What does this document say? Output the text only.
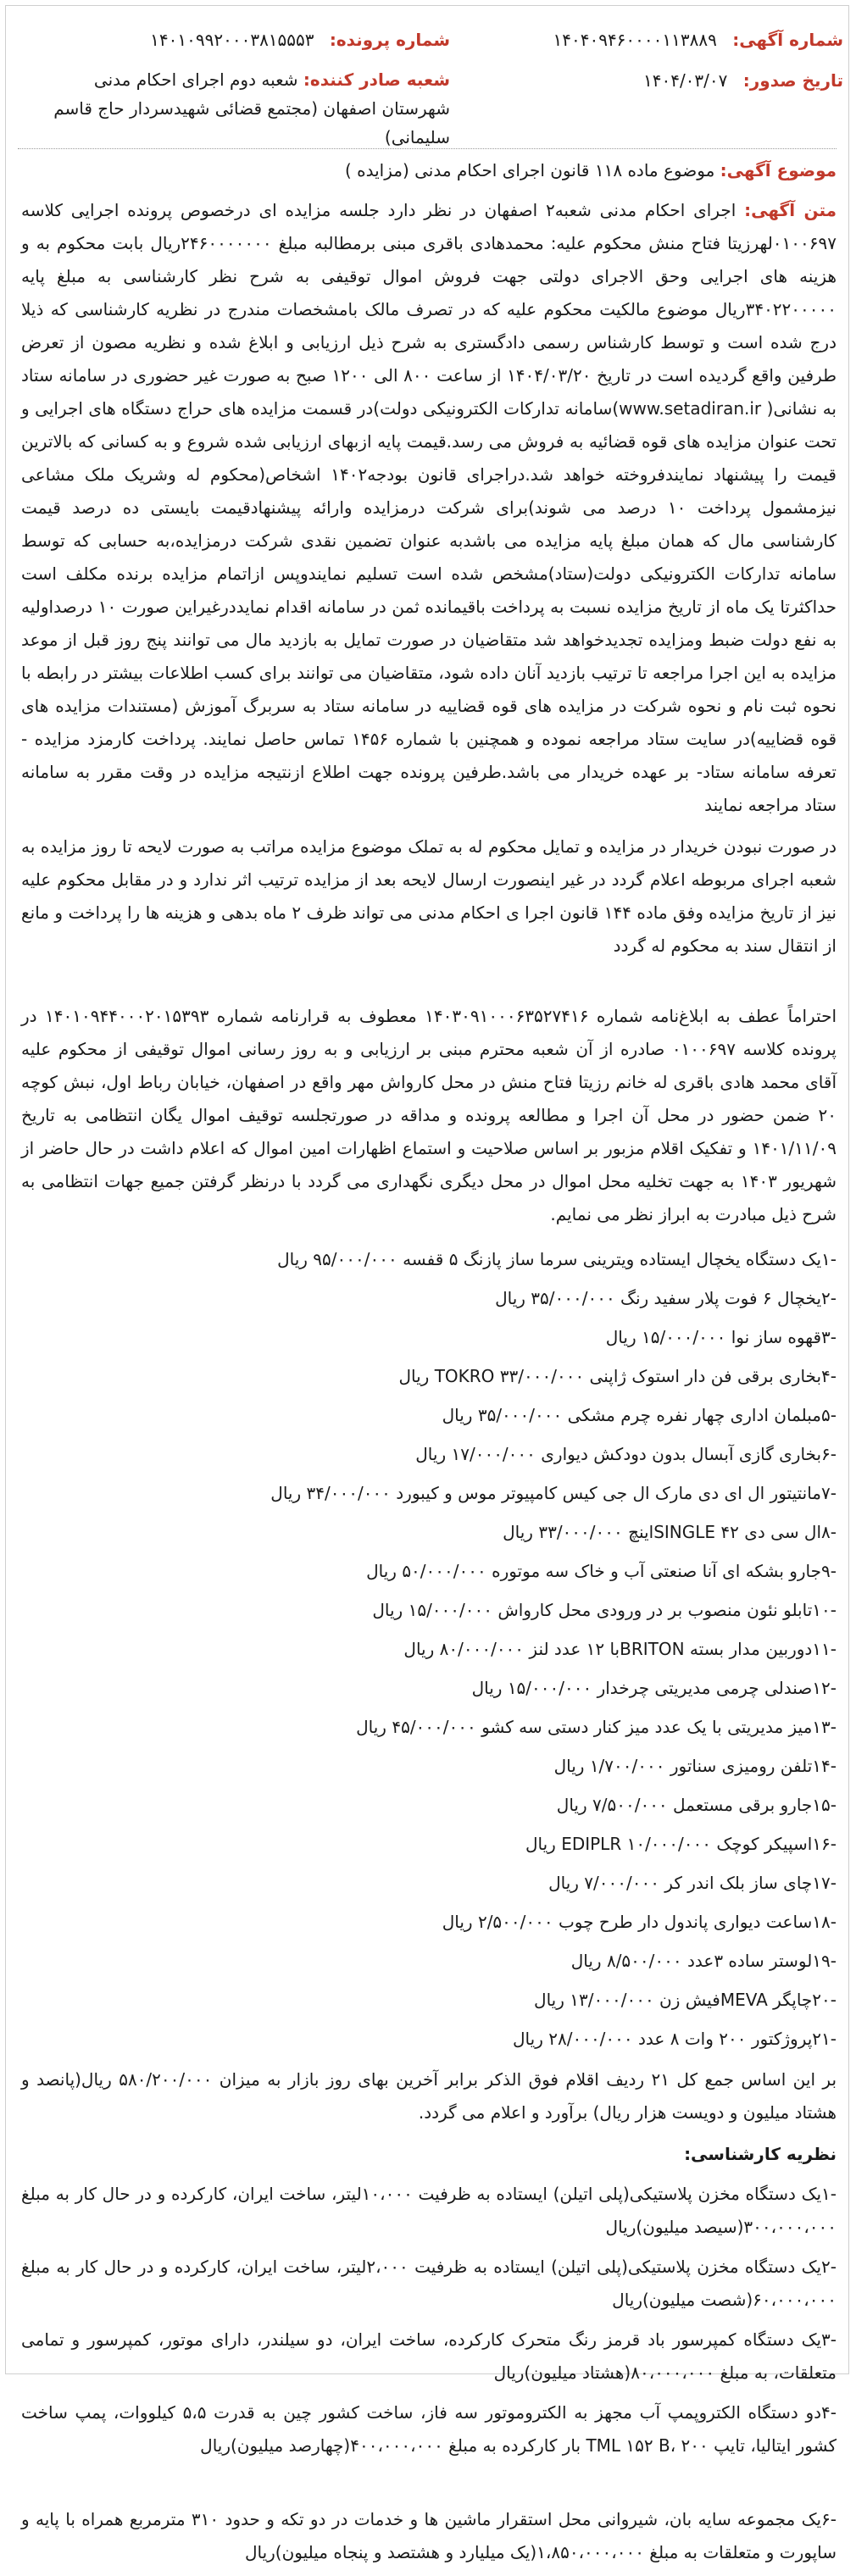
شماره آگهی: ۱۴۰۴۰۹۴۶۰۰۰۰۱۱۳۸۸۹
شماره پرونده: ۱۴۰۱۰۹۹۲۰۰۰۳۸۱۵۵۵۳
تاریخ صدور: ۱۴۰۴/۰۳/۰۷
شعبه صادر کننده: شعبه دوم اجرای احکام مدنی شهرستان اصفهان (مجتمع قضائی شهیدسردار حاج قاسم سلیمانی)
موضوع آگهی: موضوع ماده ۱۱۸ قانون اجرای احکام مدنی (مزایده )

متن آگهی: اجرای احکام مدنی شعبه۲ اصفهان در نظر دارد جلسه مزایده ای درخصوص پرونده اجرایی کلاسه ۰۱۰۰۶۹۷لهرزیتا فتاح منش محکوم علیه: محمدهادی باقری مبنی برمطالبه مبلغ ۲۴۶۰۰۰۰۰۰۰ریال بابت محکوم به و هزینه های اجرایی وحق الاجرای دولتی جهت فروش اموال توقیفی به شرح نظر کارشناسی به مبلغ پایه ۳۴۰۲۲۰۰۰۰۰ریال موضوع مالکیت محکوم علیه که در تصرف مالک بامشخصات مندرج در نظریه کارشناسی که ذیلا درج شده است و توسط کارشناس رسمی دادگستری به شرح ذیل ارزیابی و ابلاغ شده و نظریه مصون از تعرض طرفین واقع گردیده است در تاریخ ۱۴۰۴/۰۳/۲۰ از ساعت ۸۰۰ الی ۱۲۰۰ صبح به صورت غیر حضوری در سامانه ستاد به نشانی( www.setadiran.ir)سامانه تدارکات الکترونیکی دولت)در قسمت مزایده های حراج دستگاه های اجرایی و تحت عنوان مزایده های قوه قضائیه به فروش می رسد.قیمت پایه ازبهای ارزیابی شده شروع و به کسانی که بالاترین قیمت را پیشنهاد نمایندفروخته خواهد شد.دراجرای قانون بودجه۱۴۰۲ اشخاص(محکوم له وشریک ملک مشاعی نیزمشمول پرداخت ۱۰ درصد می شوند)برای شرکت درمزایده وارائه پیشنهادقیمت بایستی ده درصد قیمت کارشناسی مال که همان مبلغ پایه مزایده می باشدبه عنوان تضمین نقدی شرکت درمزایده،به حسابی که توسط سامانه تدارکات الکترونیکی دولت(ستاد)مشخص شده است تسلیم نمایندوپس ازاتمام مزایده برنده مکلف است حداکثرتا یک ماه از تاریخ مزایده نسبت به پرداخت باقیمانده ثمن در سامانه اقدام نمایددرغیراین صورت ۱۰ درصداولیه به نفع دولت ضبط ومزایده تجدیدخواهد شد متقاضیان در صورت تمایل به بازدید مال می توانند پنج روز قبل از موعد مزایده به این اجرا مراجعه تا ترتیب بازدید آنان داده شود، متقاضیان می توانند برای کسب اطلاعات بیشتر در رابطه با نحوه ثبت نام و نحوه شرکت در مزایده های قوه قضاییه در سامانه ستاد به سربرگ آموزش (مستندات مزایده های قوه قضاییه)در سایت ستاد مراجعه نموده و همچنین با شماره ۱۴۵۶ تماس حاصل نمایند. پرداخت کارمزد مزایده - تعرفه سامانه ستاد- بر عهده خریدار می باشد.طرفین پرونده جهت اطلاع ازنتیجه مزایده در وقت مقرر به سامانه ستاد مراجعه نمایند

در صورت نبودن خریدار در مزایده و تمایل محکوم له به تملک موضوع مزایده مراتب به صورت لایحه تا روز مزایده به شعبه اجرای مربوطه اعلام گردد در غیر اینصورت ارسال لایحه بعد از مزایده ترتیب اثر ندارد و در مقابل محکوم علیه نیز از تاریخ مزایده وفق ماده ۱۴۴ قانون اجرا ی احکام مدنی می تواند ظرف ۲ ماه بدهی و هزینه ها را پرداخت و مانع از انتقال سند به محکوم له گردد

احتراماً عطف به ابلاغ‌نامه شماره ۱۴۰۳۰۹۱۰۰۰۶۳۵۲۷۴۱۶ معطوف به قرارنامه شماره ۱۴۰۱۰۹۴۴۰۰۰۲۰۱۵۳۹۳ در پرونده کلاسه ۰۱۰۰۶۹۷ صادره از آن شعبه محترم مبنی بر ارزیابی و به روز رسانی اموال توقیفی از محکوم علیه آقای محمد هادی باقری له خانم رزیتا فتاح منش در محل کارواش مهر واقع در اصفهان، خیابان رباط اول، نبش کوچه ۲۰ ضمن حضور در محل آن اجرا و مطالعه پرونده و مداقه در صورتجلسه توقیف اموال یگان انتظامی به تاریخ ۱۴۰۱/۱۱/۰۹ و تفکیک اقلام مزبور بر اساس صلاحیت و استماع اظهارات امین اموال که اعلام داشت در حال حاضر از شهریور ۱۴۰۳ به جهت تخلیه محل اموال در محل دیگری نگهداری می گردد با درنظر گرفتن جمیع جهات انتظامی به شرح ذیل مبادرت به ابراز نظر می نمایم.

-۱یک دستگاه یخچال ایستاده ویترینی سرما ساز پازنگ ۵ قفسه ۹۵/۰۰۰/۰۰۰ ریال
-۲یخچال ۶ فوت پلار سفید رنگ ۳۵/۰۰۰/۰۰۰ ریال
-۳قهوه ساز نوا ۱۵/۰۰۰/۰۰۰ ریال
-۴بخاری برقی فن دار استوک ژاپنی TOKRO ۳۳/۰۰۰/۰۰۰ ریال
-۵مبلمان اداری چهار نفره چرم مشکی ۳۵/۰۰۰/۰۰۰ ریال
-۶بخاری گازی آبسال بدون دودکش دیواری ۱۷/۰۰۰/۰۰۰ ریال
-۷مانتیتور ال ای دی مارک ال جی کیس کامپیوتر موس و کیبورد ۳۴/۰۰۰/۰۰۰ ریال
-۸ال سی دی ۴۲ SINGLEاینچ ۳۳/۰۰۰/۰۰۰ ریال
-۹جارو بشکه ای آنا صنعتی آب و خاک سه موتوره ۵۰/۰۰۰/۰۰۰ ریال
-۱۰تابلو نئون منصوب بر در ورودی محل کارواش ۱۵/۰۰۰/۰۰۰ ریال
-۱۱دوربین مدار بسته BRITONبا ۱۲ عدد لنز ۸۰/۰۰۰/۰۰۰ ریال
-۱۲صندلی چرمی مدیریتی چرخدار ۱۵/۰۰۰/۰۰۰ ریال
-۱۳میز مدیریتی با یک عدد میز کنار دستی سه کشو ۴۵/۰۰۰/۰۰۰ ریال
-۱۴تلفن رومیزی سناتور ۱/۷۰۰/۰۰۰ ریال
-۱۵جارو برقی مستعمل ۷/۵۰۰/۰۰۰ ریال
-۱۶اسپیکر کوچک EDIPLR ۱۰/۰۰۰/۰۰۰ ریال
-۱۷چای ساز بلک اندر کر ۷/۰۰۰/۰۰۰ ریال
-۱۸ساعت دیواری پاندول دار طرح چوب ۲/۵۰۰/۰۰۰ ریال
-۱۹لوستر ساده ۳عدد ۸/۵۰۰/۰۰۰ ریال
-۲۰چاپگر MEVAفیش زن ۱۳/۰۰۰/۰۰۰ ریال
-۲۱پروژکتور ۲۰۰ وات ۸ عدد ۲۸/۰۰۰/۰۰۰ ریال

بر این اساس جمع کل ۲۱ ردیف اقلام فوق الذکر برابر آخرین بهای روز بازار به میزان ۵۸۰/۲۰۰/۰۰۰ ریال(پانصد و هشتاد میلیون و دویست هزار ریال) برآورد و اعلام می گردد.

نظریه کارشناسی:

-۱یک دستگاه مخزن پلاستیکی(پلی اتیلن) ایستاده به ظرفیت ۱۰،۰۰۰لیتر، ساخت ایران، کارکرده و در حال کار به مبلغ ۳۰۰،۰۰۰،۰۰۰(سیصد میلیون)ریال

-۲یک دستگاه مخزن پلاستیکی(پلی اتیلن) ایستاده به ظرفیت ۲،۰۰۰لیتر، ساخت ایران، کارکرده و در حال کار به مبلغ ۶۰،۰۰۰،۰۰۰(شصت میلیون)ریال

-۳یک دستگاه کمپرسور باد قرمز رنگ متحرک کارکرده، ساخت ایران، دو سیلندر، دارای موتور، کمپرسور و تمامی متعلقات، به مبلغ ۸۰،۰۰۰،۰۰۰(هشتاد میلیون)ریال

-۴دو دستگاه الکتروپمپ آب مجهز به الکتروموتور سه فاز، ساخت کشور چین به قدرت ۵،۵ کیلووات، پمپ ساخت کشور ایتالیا، تایپ TML ۱۵۲ B، ۲۰۰ بار کارکرده به مبلغ ۴۰۰،۰۰۰،۰۰۰(چهارصد میلیون)ریال

-۶یک مجموعه سایه بان، شیروانی محل استقرار ماشین ها و خدمات در دو تکه و حدود ۳۱۰ مترمربع همراه با پایه و ساپورت و متعلقات به مبلغ ۱،۸۵۰،۰۰۰،۰۰۰(یک میلیارد و هشتصد و پنجاه میلیون)ریال
